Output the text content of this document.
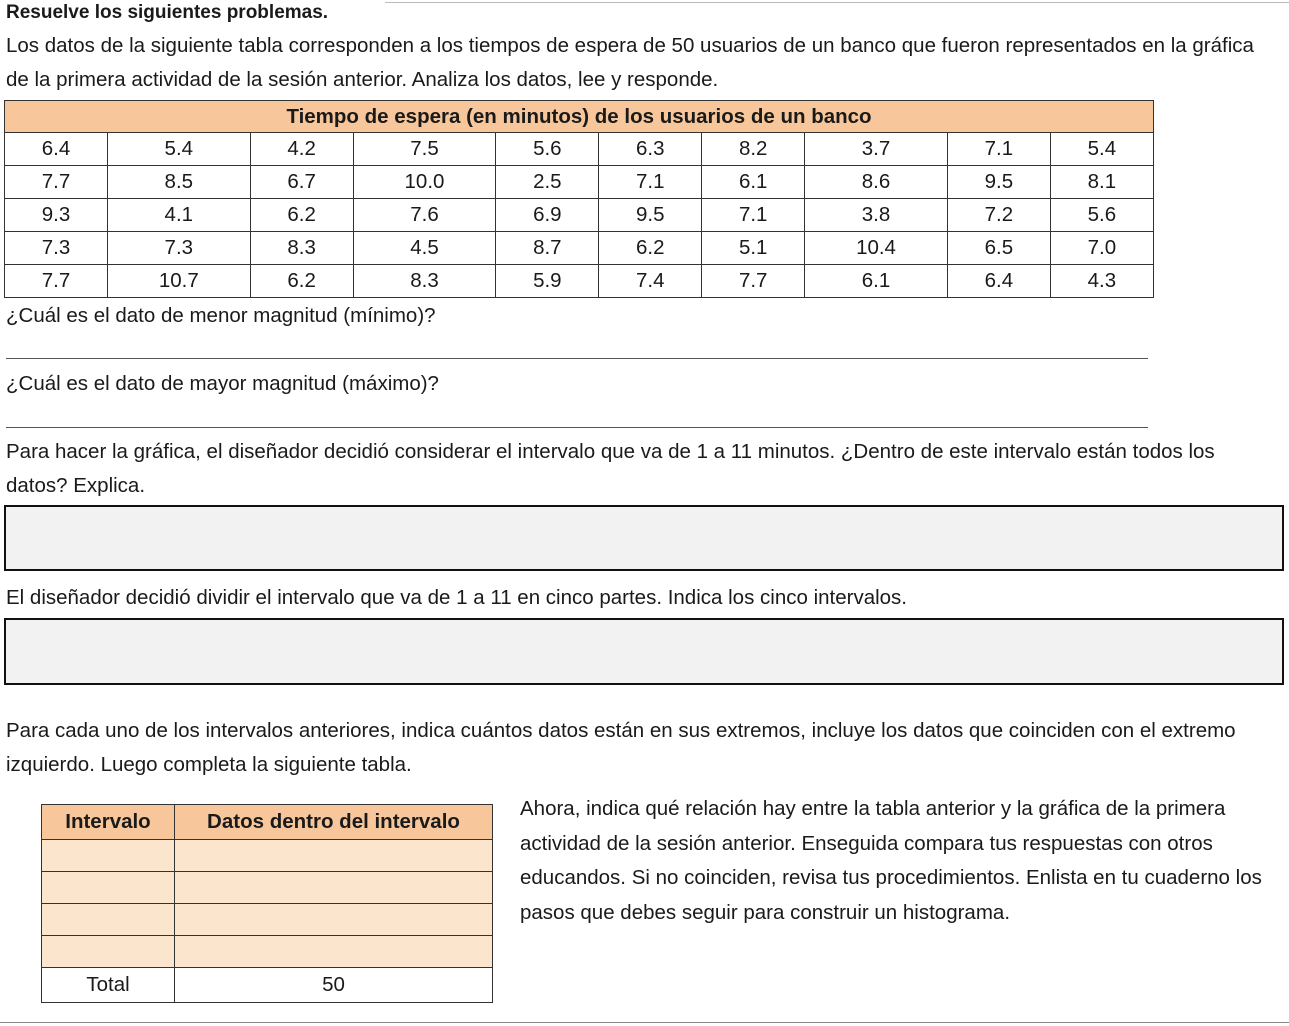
Resuelve los siguientes problemas.
Los datos de la siguiente tabla corresponden a los tiempos de espera de 50 usuarios de un banco que fueron representados en la gráfica de la primera actividad de la sesión anterior. Analiza los datos, lee y responde.
Tiempo de espera (en minutos) de los usuarios de un banco									
6.4	5.4	4.2	7.5	5.6	6.3	8.2	3.7	7.1	5.4
7.7	8.5	6.7	10.0	2.5	7.1	6.1	8.6	9.5	8.1
9.3	4.1	6.2	7.6	6.9	9.5	7.1	3.8	7.2	5.6
7.3	7.3	8.3	4.5	8.7	6.2	5.1	10.4	6.5	7.0
7.7	10.7	6.2	8.3	5.9	7.4	7.7	6.1	6.4	4.3
¿Cuál es el dato de menor magnitud (mínimo)?
¿Cuál es el dato de mayor magnitud (máximo)?
Para hacer la gráfica, el diseñador decidió considerar el intervalo que va de 1 a 11 minutos. ¿Dentro de este intervalo están todos los datos? Explica.
El diseñador decidió dividir el intervalo que va de 1 a 11 en cinco partes. Indica los cinco intervalos.
Para cada uno de los intervalos anteriores, indica cuántos datos están en sus extremos, incluye los datos que coinciden con el extremo izquierdo. Luego completa la siguiente tabla.
Intervalo	Datos dentro del intervalo

Total	50
Ahora, indica qué relación hay entre la tabla anterior y la gráfica de la primera actividad de la sesión anterior. Enseguida compara tus respuestas con otros educandos. Si no coinciden, revisa tus procedimientos. Enlista en tu cuaderno los pasos que debes seguir para construir un histograma.
